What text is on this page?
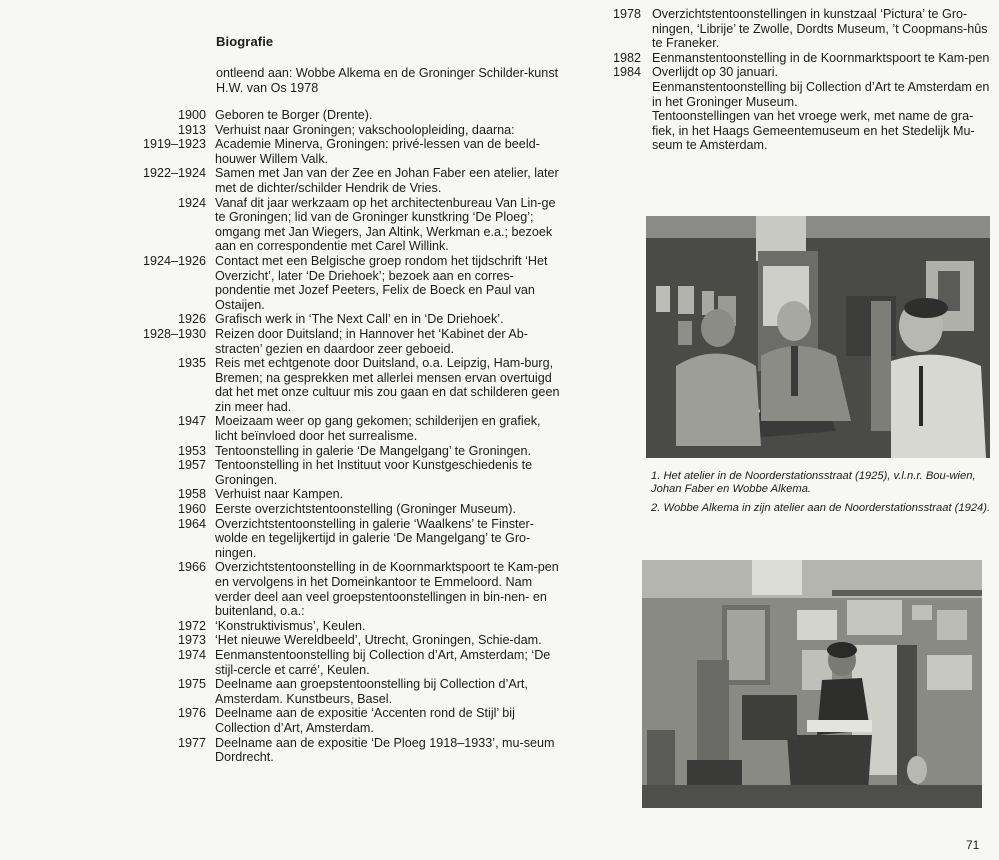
Biografie
ontleend aan: Wobbe Alkema en de Groninger Schilder-kunst H.W. van Os 1978
1900 Geboren te Borger (Drente).
1913 Verhuist naar Groningen; vakschoolopleiding, daarna:
1919–1923 Academie Minerva, Groningen: privé-lessen van de beeld-houwer Willem Valk.
1922–1924 Samen met Jan van der Zee en Johan Faber een atelier, later met de dichter/schilder Hendrik de Vries.
1924 Vanaf dit jaar werkzaam op het architectenbureau Van Lin-ge te Groningen; lid van de Groninger kunstkring ‘De Ploeg’; omgang met Jan Wiegers, Jan Altink, Werkman e.a.; bezoek aan en correspondentie met Carel Willink.
1924–1926 Contact met een Belgische groep rondom het tijdschrift ‘Het Overzicht’, later ‘De Driehoek’; bezoek aan en corres-pondentie met Jozef Peeters, Felix de Boeck en Paul van Ostaijen.
1926 Grafisch werk in ‘The Next Call’ en in ‘De Driehoek’.
1928–1930 Reizen door Duitsland; in Hannover het ‘Kabinet der Ab-stracten’ gezien en daardoor zeer geboeid.
1935 Reis met echtgenote door Duitsland, o.a. Leipzig, Ham-burg, Bremen; na gesprekken met allerlei mensen ervan overtuigd dat het met onze cultuur mis zou gaan en dat schilderen geen zin meer had.
1947 Moeizaam weer op gang gekomen; schilderijen en grafiek, licht beïnvloed door het surrealisme.
1953 Tentoonstelling in galerie ‘De Mangelgang’ te Groningen.
1957 Tentoonstelling in het Instituut voor Kunstgeschiedenis te Groningen.
1958 Verhuist naar Kampen.
1960 Eerste overzichtstentoonstelling (Groninger Museum).
1964 Overzichtstentoonstelling in galerie ‘Waalkens’ te Finster-wolde en tegelijkertijd in galerie ‘De Mangelgang’ te Gro-ningen.
1966 Overzichtstentoonstelling in de Koornmarktspoort te Kam-pen en vervolgens in het Domeinkantoor te Emmeloord. Nam verder deel aan veel groepstentoonstellingen in bin-nen- en buitenland, o.a.:
1972 ‘Konstruktivismus’, Keulen.
1973 ‘Het nieuwe Wereldbeeld’, Utrecht, Groningen, Schie-dam.
1974 Eenmanstentoonstelling bij Collection d’Art, Amsterdam; ‘De stijl-cercle et carré’, Keulen.
1975 Deelname aan groepstentoonstelling bij Collection d’Art, Amsterdam. Kunstbeurs, Basel.
1976 Deelname aan de expositie ‘Accenten rond de Stijl’ bij Collection d’Art, Amsterdam.
1977 Deelname aan de expositie ‘De Ploeg 1918–1933’, mu-seum Dordrecht.
1978 Overzichtstentoonstellingen in kunstzaal ‘Pictura’ te Gro-ningen, ‘Librije’ te Zwolle, Dordts Museum, ’t Coopmans-hûs te Franeker.
1982 Eenmanstentoonstelling in de Koornmarktspoort te Kam-pen
1984 Overlijdt op 30 januari.
Eenmanstentoonstelling bij Collection d’Art te Amsterdam en in het Groninger Museum.
Tentoonstellingen van het vroege werk, met name de gra-fiek, in het Haags Gemeentemuseum en het Stedelijk Mu-seum te Amsterdam.

1. Het atelier in de Noorderstationsstraat (1925), v.l.n.r. Bou-wien, Johan Faber en Wobbe Alkema.

2. Wobbe Alkema in zijn atelier aan de Noorderstationsstraat (1924).

71
